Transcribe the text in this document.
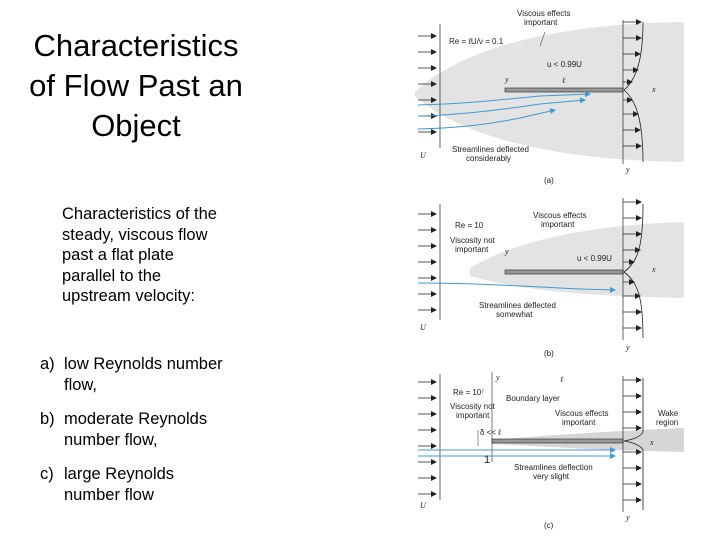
Characteristics
of Flow Past an
Object
Characteristics of the
steady, viscous flow
past a flat plate
parallel to the
upstream velocity:
a) low Reynolds number
flow,
b) moderate Reynolds
number flow,
c) large Reynolds
number flow
Viscous effects
important
Re = ℓU/ν = 0.1
u < 0.99U
y	ℓ
x
Streamlines deflected
considerably
U
y
(a)
Re = 10
Viscous effects
important
Viscosity not
important y
u < 0.99U
x
Streamlines deflected
somewhat
U
y
(b)
Re = 10⁷
y	ℓ
Boundary layer
Viscosity not
important	Viscous effects
important
Wake
region
δ << ℓ
x
1
Streamlines deflection
very slight
U
y
(c)
